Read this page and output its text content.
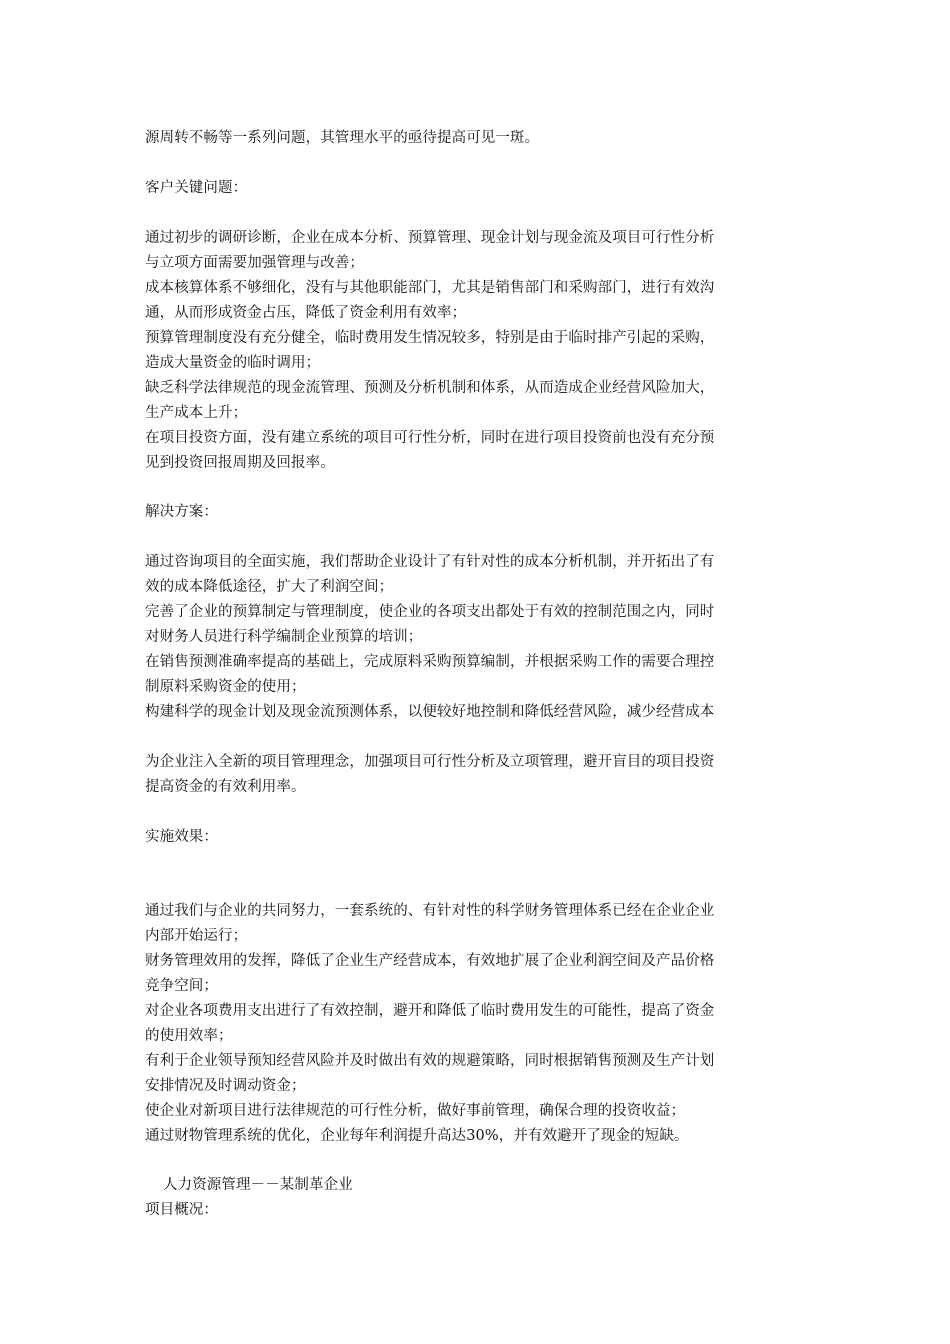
源周转不畅等一系列问题，其管理水平的亟待提高可见一斑。
客户关键问题：
通过初步的调研诊断，企业在成本分析、预算管理、现金计划与现金流及项目可行性分析
与立项方面需要加强管理与改善；
成本核算体系不够细化，没有与其他职能部门，尤其是销售部门和采购部门，进行有效沟
通，从而形成资金占压，降低了资金利用有效率；
预算管理制度没有充分健全，临时费用发生情况较多，特别是由于临时排产引起的采购，
造成大量资金的临时调用；
缺乏科学法律规范的现金流管理、预测及分析机制和体系，从而造成企业经营风险加大，
生产成本上升；
在项目投资方面，没有建立系统的项目可行性分析，同时在进行项目投资前也没有充分预
见到投资回报周期及回报率。
解决方案：
通过咨询项目的全面实施，我们帮助企业设计了有针对性的成本分析机制，并开拓出了有
效的成本降低途径，扩大了利润空间；
完善了企业的预算制定与管理制度，使企业的各项支出都处于有效的控制范围之内，同时
对财务人员进行科学编制企业预算的培训；
在销售预测准确率提高的基础上，完成原料采购预算编制，并根据采购工作的需要合理控
制原料采购资金的使用；
构建科学的现金计划及现金流预测体系，以便较好地控制和降低经营风险，减少经营成本
为企业注入全新的项目管理理念，加强项目可行性分析及立项管理，避开盲目的项目投资
提高资金的有效利用率。
实施效果：
通过我们与企业的共同努力，一套系统的、有针对性的科学财务管理体系已经在企业企业
内部开始运行；
财务管理效用的发挥，降低了企业生产经营成本，有效地扩展了企业利润空间及产品价格
竞争空间；
对企业各项费用支出进行了有效控制，避开和降低了临时费用发生的可能性，提高了资金
的使用效率；
有利于企业领导预知经营风险并及时做出有效的规避策略，同时根据销售预测及生产计划
安排情况及时调动资金；
使企业对新项目进行法律规范的可行性分析，做好事前管理，确保合理的投资收益；
通过财物管理系统的优化，企业每年利润提升高达30%，并有效避开了现金的短缺。
人力资源管理－－某制革企业
项目概况：
